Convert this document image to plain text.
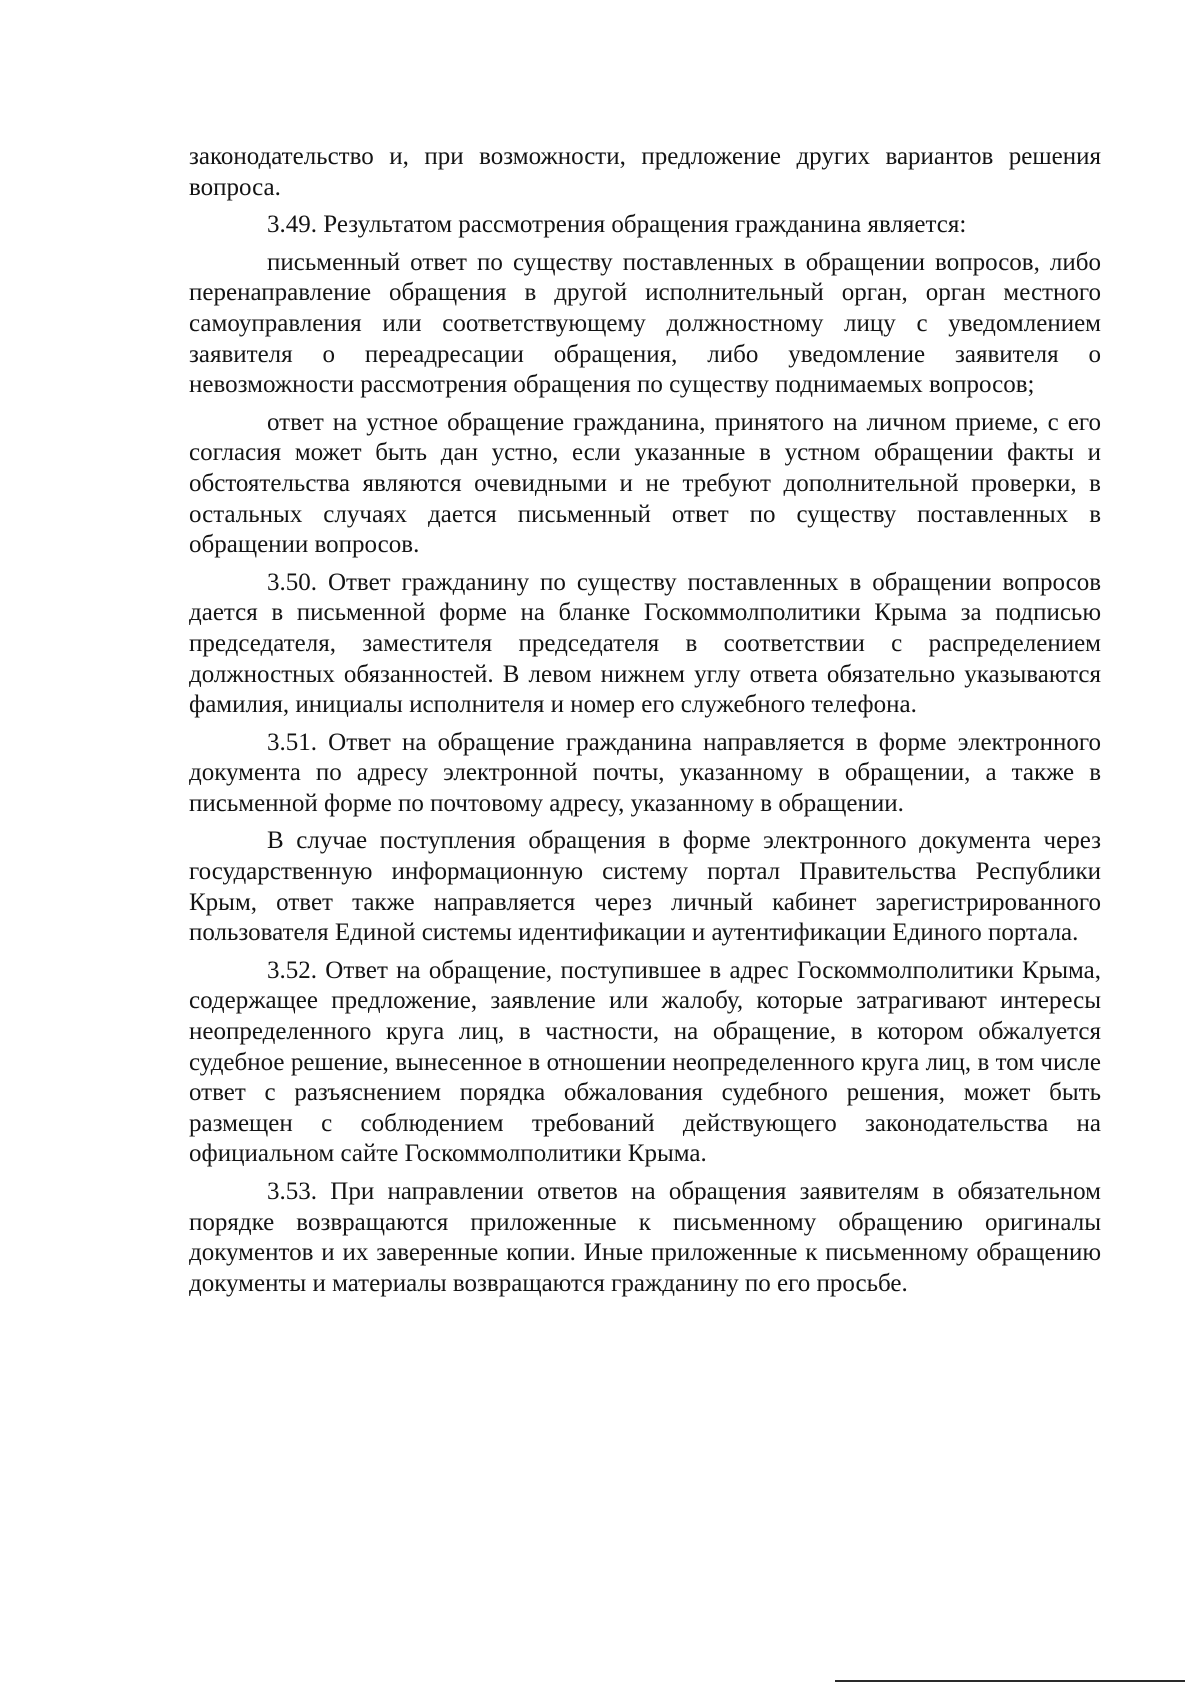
законодательство и, при возможности, предложение других вариантов решения вопроса.

3.49. Результатом рассмотрения обращения гражданина является:

письменный ответ по существу поставленных в обращении вопросов, либо перенаправление обращения в другой исполнительный орган, орган местного самоуправления или соответствующему должностному лицу с уведомлением заявителя о переадресации обращения, либо уведомление заявителя о невозможности рассмотрения обращения по существу поднимаемых вопросов;

ответ на устное обращение гражданина, принятого на личном приеме, с его согласия может быть дан устно, если указанные в устном обращении факты и обстоятельства являются очевидными и не требуют дополнительной проверки, в остальных случаях дается письменный ответ по существу поставленных в обращении вопросов.

3.50. Ответ гражданину по существу поставленных в обращении вопросов дается в письменной форме на бланке Госкоммолполитики Крыма за подписью председателя, заместителя председателя в соответствии с распределением должностных обязанностей. В левом нижнем углу ответа обязательно указываются фамилия, инициалы исполнителя и номер его служебного телефона.

3.51. Ответ на обращение гражданина направляется в форме электронного документа по адресу электронной почты, указанному в обращении, а также в письменной форме по почтовому адресу, указанному в обращении.

В случае поступления обращения в форме электронного документа через государственную информационную систему портал Правительства Республики Крым, ответ также направляется через личный кабинет зарегистрированного пользователя Единой системы идентификации и аутентификации Единого портала.

3.52. Ответ на обращение, поступившее в адрес Госкоммолполитики Крыма, содержащее предложение, заявление или жалобу, которые затрагивают интересы неопределенного круга лиц, в частности, на обращение, в котором обжалуется судебное решение, вынесенное в отношении неопределенного круга лиц, в том числе ответ с разъяснением порядка обжалования судебного решения, может быть размещен с соблюдением требований действующего законодательства на официальном сайте Госкоммолполитики Крыма.

3.53. При направлении ответов на обращения заявителям в обязательном порядке возвращаются приложенные к письменному обращению оригиналы документов и их заверенные копии. Иные приложенные к письменному обращению документы и материалы возвращаются гражданину по его просьбе.
